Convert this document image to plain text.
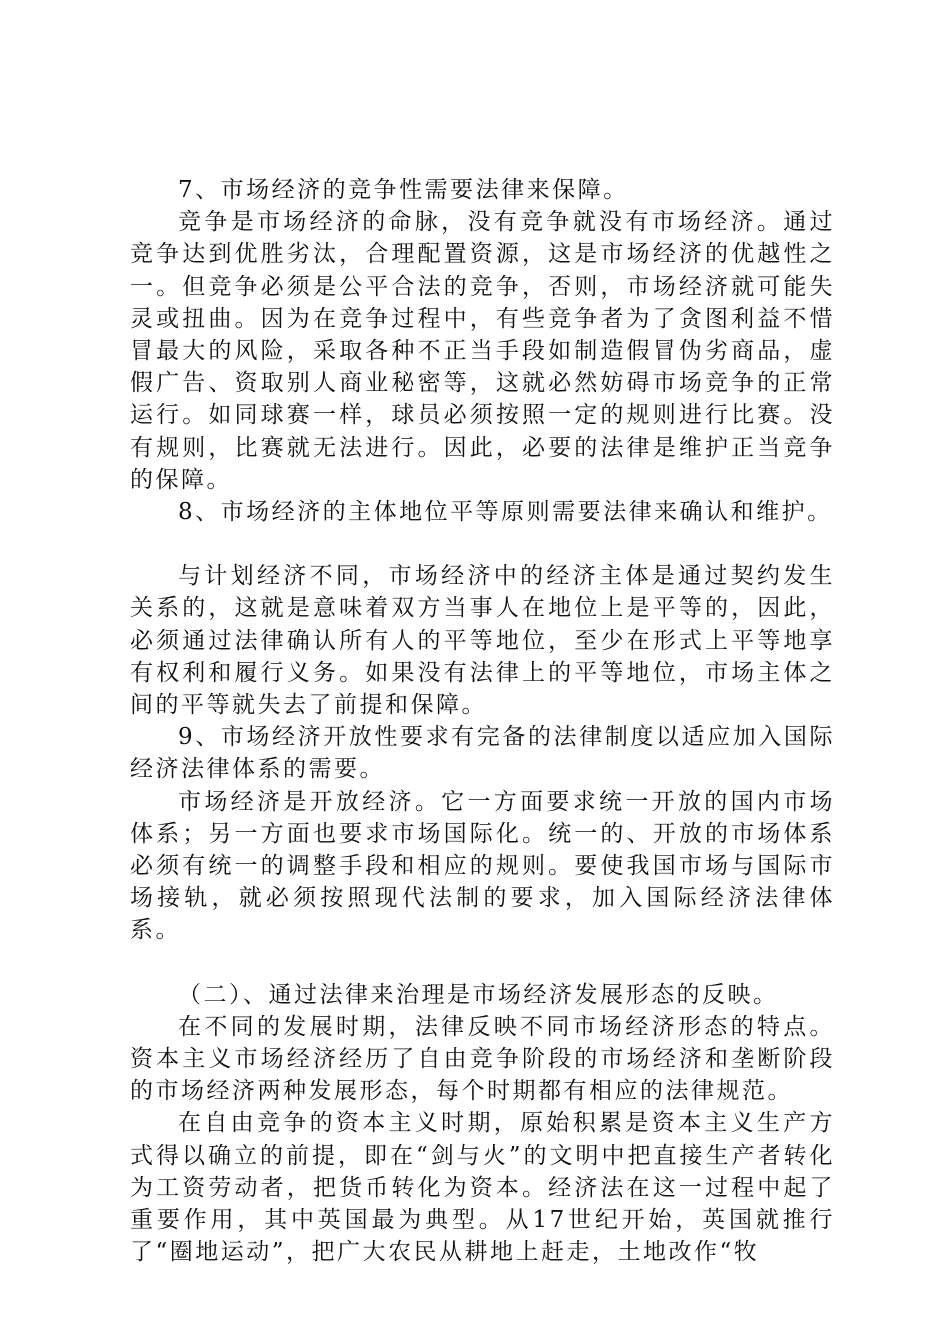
7、市场经济的竞争性需要法律来保障。

竞争是市场经济的命脉，没有竞争就没有市场经济。通过竞争达到优胜劣汰，合理配置资源，这是市场经济的优越性之一。但竞争必须是公平合法的竞争，否则，市场经济就可能失灵或扭曲。因为在竞争过程中，有些竞争者为了贪图利益不惜冒最大的风险，采取各种不正当手段如制造假冒伪劣商品，虚假广告、资取别人商业秘密等，这就必然妨碍市场竞争的正常运行。如同球赛一样，球员必须按照一定的规则进行比赛。没有规则，比赛就无法进行。因此，必要的法律是维护正当竞争的保障。

8、市场经济的主体地位平等原则需要法律来确认和维护。

与计划经济不同，市场经济中的经济主体是通过契约发生关系的，这就是意味着双方当事人在地位上是平等的，因此，必须通过法律确认所有人的平等地位，至少在形式上平等地享有权利和履行义务。如果没有法律上的平等地位，市场主体之间的平等就失去了前提和保障。

9、市场经济开放性要求有完备的法律制度以适应加入国际经济法律体系的需要。

市场经济是开放经济。它一方面要求统一开放的国内市场体系；另一方面也要求市场国际化。统一的、开放的市场体系必须有统一的调整手段和相应的规则。要使我国市场与国际市场接轨，就必须按照现代法制的要求，加入国际经济法律体系。

（二）、通过法律来治理是市场经济发展形态的反映。

在不同的发展时期，法律反映不同市场经济形态的特点。资本主义市场经济经历了自由竞争阶段的市场经济和垄断阶段的市场经济两种发展形态，每个时期都有相应的法律规范。

在自由竞争的资本主义时期，原始积累是资本主义生产方式得以确立的前提，即在“剑与火”的文明中把直接生产者转化为工资劳动者，把货币转化为资本。经济法在这一过程中起了重要作用，其中英国最为典型。从17世纪开始，英国就推行了“圈地运动”，把广大农民从耕地上赶走，土地改作“牧
